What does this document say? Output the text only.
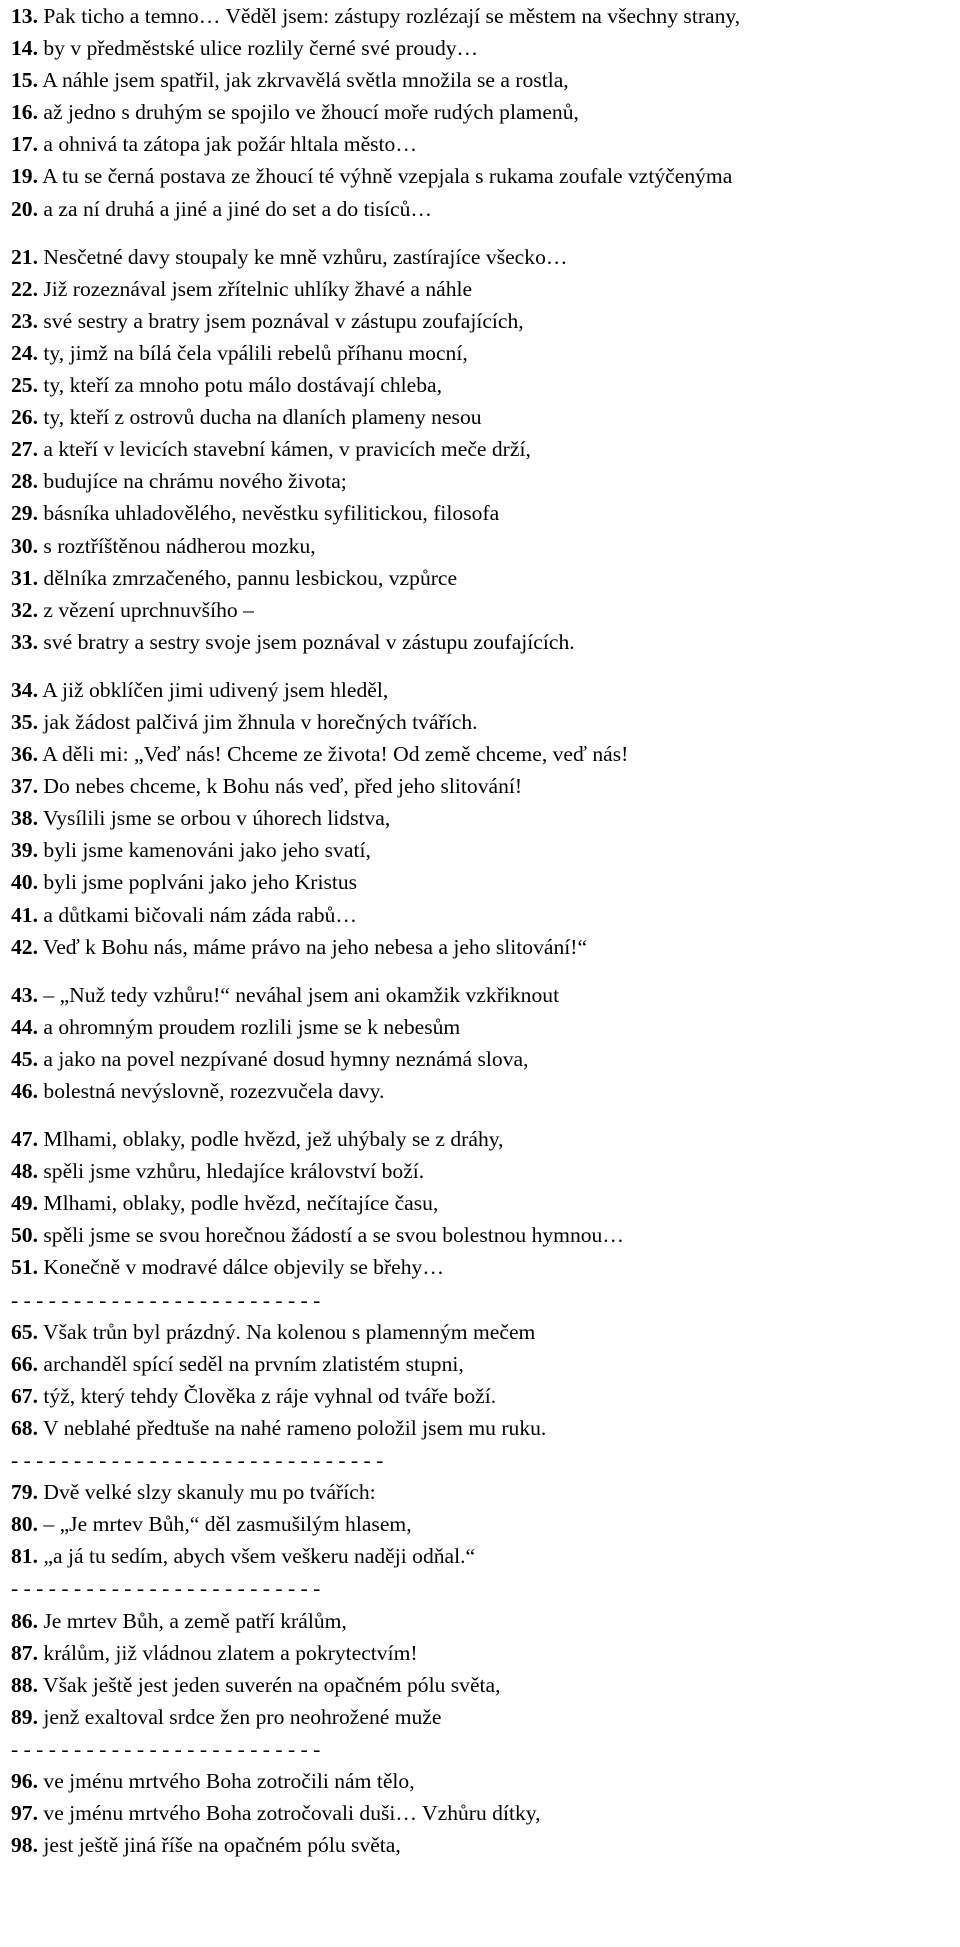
13. Pak ticho a temno… Věděl jsem: zástupy rozlézají se městem na všechny strany,
14. by v předměstské ulice rozlily černé své proudy…
15. A náhle jsem spatřil, jak zkrvavělá světla množila se a rostla,
16. až jedno s druhým se spojilo ve žhoucí moře rudých plamenů,
17. a ohnivá ta zátopa jak požár hltala město…
19. A tu se černá postava ze žhoucí té výhně vzepjala s rukama zoufale vztýčenýma
20. a za ní druhá a jiné a jiné do set a do tisíců…
21. Nesčetné davy stoupaly ke mně vzhůru, zastírajíce všecko…
22. Již rozeznával jsem zřítelnic uhlíky žhavé a náhle
23. své sestry a bratry jsem poznával v zástupu zoufajících,
24. ty, jimž na bílá čela vpálili rebelů příhanu mocní,
25. ty, kteří za mnoho potu málo dostávají chleba,
26. ty, kteří z ostrovů ducha na dlaních plameny nesou
27. a kteří v levicích stavební kámen, v pravicích meče drží,
28. budujíce na chrámu nového života;
29. básníka uhladovělého, nevěstku syfilitickou, filosofa
30. s roztříštěnou nádherou mozku,
31. dělníka zmrzačeného, pannu lesbickou, vzpůrce
32. z vězení uprchnuvšího –
33. své bratry a sestry svoje jsem poznával v zástupu zoufajících.
34. A již obklíčen jimi udivený jsem hleděl,
35. jak žádost palčivá jim žhnula v horečných tvářích.
36. A děli mi: „Veď nás! Chceme ze života! Od země chceme, veď nás!
37. Do nebes chceme, k Bohu nás veď, před jeho slitování!
38. Vysílili jsme se orbou v úhorech lidstva,
39. byli jsme kamenováni jako jeho svatí,
40. byli jsme poplváni jako jeho Kristus
41. a důtkami bičovali nám záda rabů…
42. Veď k Bohu nás, máme právo na jeho nebesa a jeho slitování!“
43. – „Nuž tedy vzhůru!“ neváhal jsem ani okamžik vzkřiknout
44. a ohromným proudem rozlili jsme se k nebesům
45. a jako na povel nezpívané dosud hymny neznámá slova,
46. bolestná nevýslovně, rozezvučela davy.
47. Mlhami, oblaky, podle hvězd, jež uhýbaly se z dráhy,
48. spěli jsme vzhůru, hledajíce království boží.
49. Mlhami, oblaky, podle hvězd, nečítajíce času,
50. spěli jsme se svou horečnou žádostí a se svou bolestnou hymnou…
51. Konečně v modravé dálce objevily se břehy…
- - - - - - - - - - - - - - - - - - - - - - - - -
65. Však trůn byl prázdný. Na kolenou s plamenným mečem
66. archanděl spící seděl na prvním zlatistém stupni,
67. týž, který tehdy Člověka z ráje vyhnal od tváře boží.
68. V neblahé předtuše na nahé rameno položil jsem mu ruku.
- - - - - - - - - - - - - - - - - - - - - - - - - - - - - -
79. Dvě velké slzy skanuly mu po tvářích:
80. – „Je mrtev Bůh,“ děl zasmušilým hlasem,
81. „a já tu sedím, abych všem veškeru naději odňal.“
- - - - - - - - - - - - - - - - - - - - - - - - -
86. Je mrtev Bůh, a země patří králům,
87. králům, již vládnou zlatem a pokrytectvím!
88. Však ještě jest jeden suverén na opačném pólu světa,
89. jenž exaltoval srdce žen pro neohrožené muže
- - - - - - - - - - - - - - - - - - - - - - - - -
96. ve jménu mrtvého Boha zotročili nám tělo,
97. ve jménu mrtvého Boha zotročovali duši… Vzhůru dítky,
98. jest ještě jiná říše na opačném pólu světa,
